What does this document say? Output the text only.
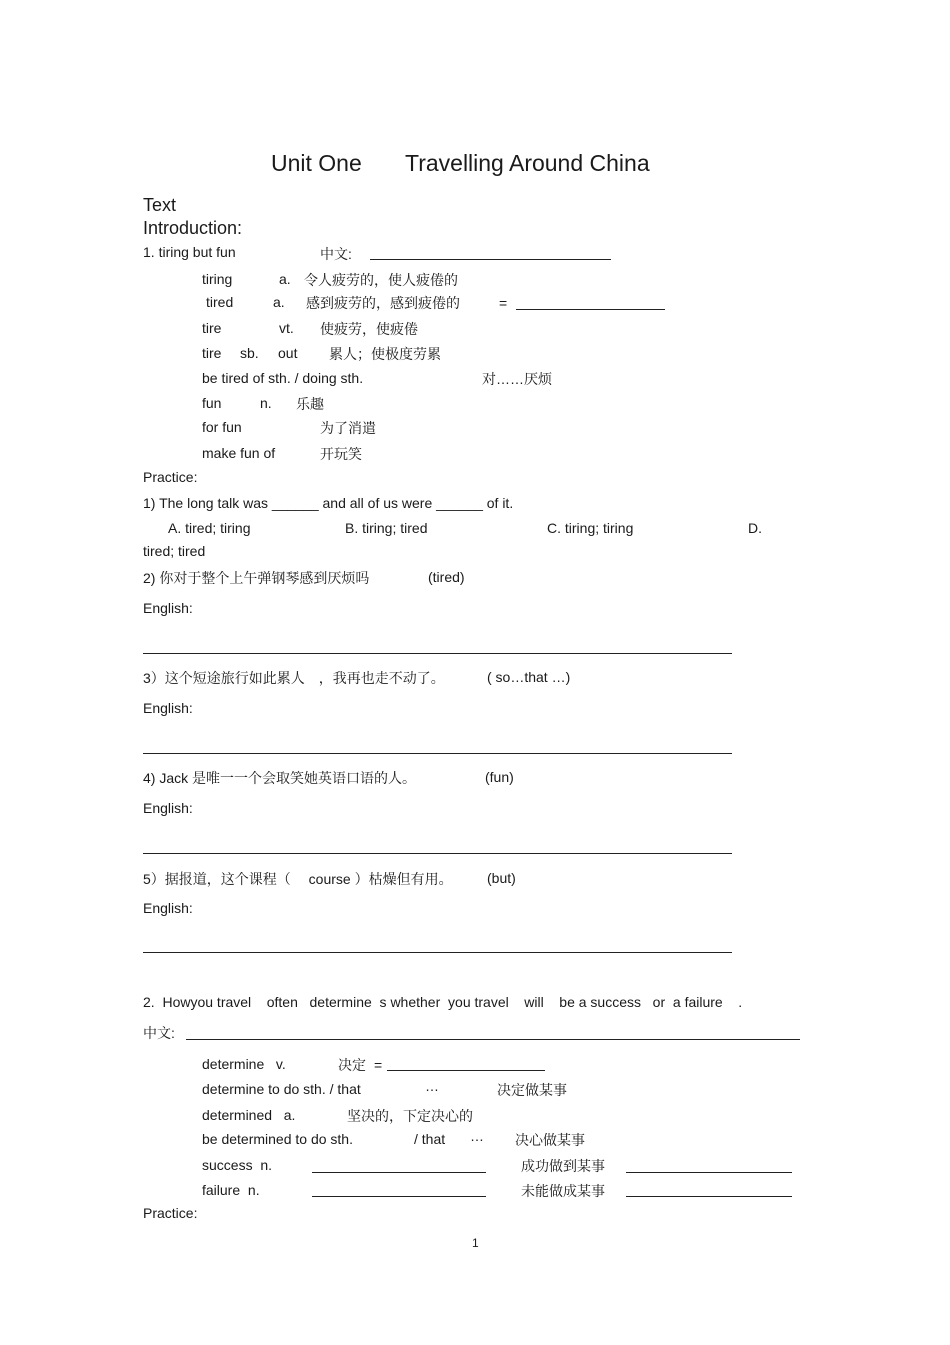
Unit One Travelling Around China
Text
Introduction:
1. tiring but fun	中文:
tiring	a. 令人疲劳的，使人疲倦的
tired	a. 感到疲劳的，感到疲倦的	=
tire	vt. 使疲劳，使疲倦
tire sb. out 累人；使极度劳累
be tired of sth. / doing sth.	对……厌烦
fun	n. 乐趣
for fun	为了消遣
make fun of	开玩笑
Practice:
1) The long talk was ______ and all of us were ______ of it.
A. tired; tiring	B. tiring; tired	C. tiring; tiring	D.
tired; tired
2) 你对于整个上午弹钢琴感到厌烦吗	(tired)
English:
3）这个短途旅行如此累人　，我再也走不动了。	( so…that …)
English:
4) Jack 是唯一一个会取笑她英语口语的人。	(fun)
English:
5）据报道，这个课程（　 course ）枯燥但有用。 (but)
English:
2.  Howyou travel    often   determine  s whether  you travel    will    be a success   or  a failure    .
中文:
determine   v.	决定 =
determine to do sth. / that	…	决定做某事
determined   a.	坚决的，下定决心的
be determined to do sth.	/ that … 决心做某事
success  n.	成功做到某事
failure  n.	未能做成某事
Practice:
1
